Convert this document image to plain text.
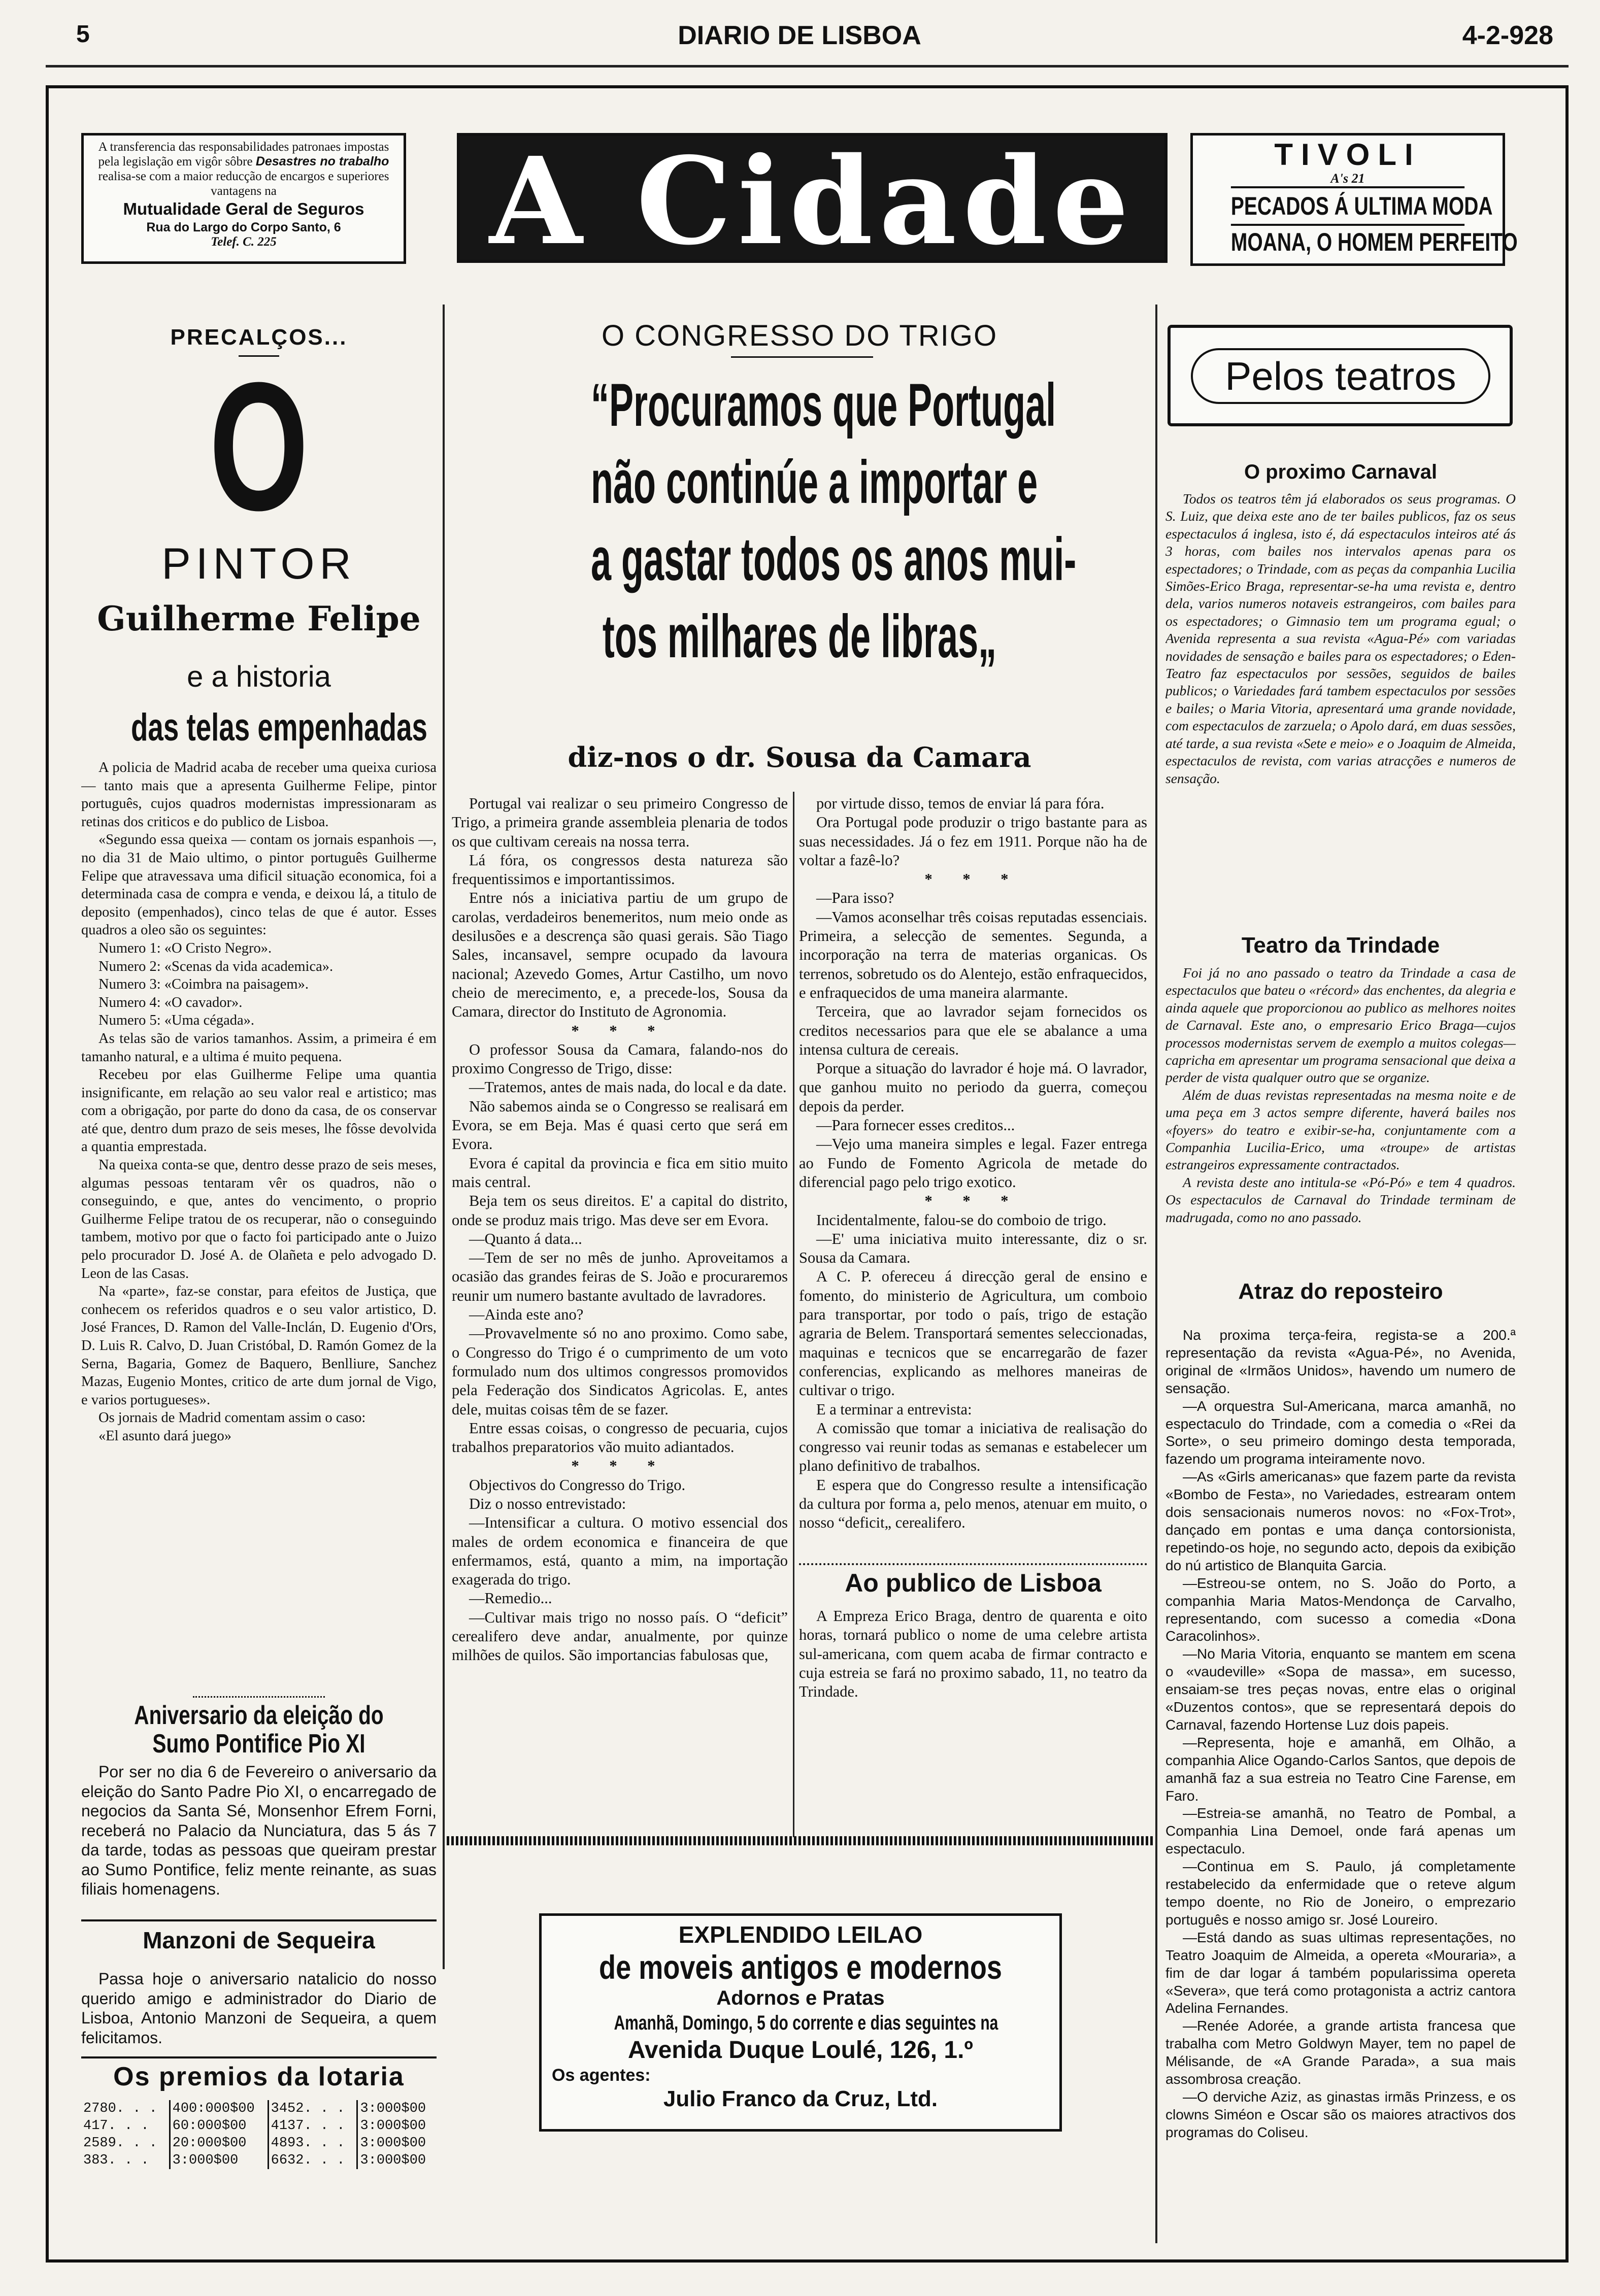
5	DIARIO DE LISBOA	4-2-928
A transferencia das responsabilidades patronaes impostas pela legislação em vigôr sôbre Desastres no trabalho realisa-se com a maior reducção de encargos e superiores vantagens na
Mutualidade Geral de Seguros
Rua do Largo do Corpo Santo, 6
Telef. C. 225	A Cidade	TIVOLI
A's 21
PECADOS Á ULTIMA MODA
MOANA, O HOMEM PERFEITO
PRECALÇOS...
O
PINTOR
Guilherme Felipe
e a historia
das telas empenhadas

A policia de Madrid acaba de receber uma queixa curiosa — tanto mais que a apresenta Guilherme Felipe, pintor português, cujos quadros modernistas impressionaram as retinas dos criticos e do publico de Lisboa.

«Segundo essa queixa — contam os jornais espanhois —, no dia 31 de Maio ultimo, o pintor português Guilherme Felipe que atravessava uma dificil situação economica, foi a determinada casa de compra e venda, e deixou lá, a titulo de deposito (empenhados), cinco telas de que é autor. Esses quadros a oleo são os seguintes:

Numero 1: «O Cristo Negro».

Numero 2: «Scenas da vida academica».

Numero 3: «Coimbra na paisagem».

Numero 4: «O cavador».

Numero 5: «Uma cégada».

As telas são de varios tamanhos. Assim, a primeira é em tamanho natural, e a ultima é muito pequena.

Recebeu por elas Guilherme Felipe uma quantia insignificante, em relação ao seu valor real e artistico; mas com a obrigação, por parte do dono da casa, de os conservar até que, dentro dum prazo de seis meses, lhe fôsse devolvida a quantia emprestada.

Na queixa conta-se que, dentro desse prazo de seis meses, algumas pessoas tentaram vêr os quadros, não o conseguindo, e que, antes do vencimento, o proprio Guilherme Felipe tratou de os recuperar, não o conseguindo tambem, motivo por que o facto foi participado ante o Juizo pelo procurador D. José A. de Olañeta e pelo advogado D. Leon de las Casas.

Na «parte», faz-se constar, para efeitos de Justiça, que conhecem os referidos quadros e o seu valor artistico, D. José Frances, D. Ramon del Valle-Inclán, D. Eugenio d'Ors, D. Luis R. Calvo, D. Juan Cristóbal, D. Ramón Gomez de la Serna, Bagaria, Gomez de Baquero, Benlliure, Sanchez Mazas, Eugenio Montes, critico de arte dum jornal de Vigo, e varios portugueses».

Os jornais de Madrid comentam assim o caso:

«El asunto dará juego»

Aniversario da eleição do Sumo Pontifice Pio XI

Por ser no dia 6 de Fevereiro o aniversario da eleição do Santo Padre Pio XI, o encarregado de negocios da Santa Sé, Monsenhor Efrem Forni, receberá no Palacio da Nunciatura, das 5 ás 7 da tarde, todas as pessoas que queiram prestar ao Sumo Pontifice, feliz mente reinante, as suas filiais homenagens.

Manzoni de Sequeira

Passa hoje o aniversario natalicio do nosso querido amigo e administrador do Diario de Lisboa, Antonio Manzoni de Sequeira, a quem felicitamos.

Os premios da lotaria
2780. . .	400:000$00	3452. . .	3:000$00
417. . .	60:000$00	4137. . .	3:000$00
2589. . .	20:000$00	4893. . .	3:000$00
383. . .	3:000$00	6632. . .	3:000$00
O CONGRESSO DO TRIGO
“Procuramos que Portugal
não continúe a importar e
a gastar todos os anos mui-
tos milhares de libras„
diz-nos o dr. Sousa da Camara

Portugal vai realizar o seu primeiro Congresso de Trigo, a primeira grande assembleia plenaria de todos os que cultivam cereais na nossa terra.

Lá fóra, os congressos desta natureza são frequentissimos e importantissimos.

Entre nós a iniciativa partiu de um grupo de carolas, verdadeiros benemeritos, num meio onde as desilusões e a descrença são quasi gerais. São Tiago Sales, incansavel, sempre ocupado da lavoura nacional; Azevedo Gomes, Artur Castilho, um novo cheio de merecimento, e, a precede-los, Sousa da Camara, director do Instituto de Agronomia.

* * *

O professor Sousa da Camara, falando-nos do proximo Congresso de Trigo, disse:

—Tratemos, antes de mais nada, do local e da date.

Não sabemos ainda se o Congresso se realisará em Evora, se em Beja. Mas é quasi certo que será em Evora.

Evora é capital da provincia e fica em sitio muito mais central.

Beja tem os seus direitos. E' a capital do distrito, onde se produz mais trigo. Mas deve ser em Evora.

—Quanto á data...

—Tem de ser no mês de junho. Aproveitamos a ocasião das grandes feiras de S. João e procuraremos reunir um numero bastante avultado de lavradores.

—Ainda este ano?

—Provavelmente só no ano proximo. Como sabe, o Congresso do Trigo é o cumprimento de um voto formulado num dos ultimos congressos promovidos pela Federação dos Sindicatos Agricolas. E, antes dele, muitas coisas têm de se fazer.

Entre essas coisas, o congresso de pecuaria, cujos trabalhos preparatorios vão muito adiantados.

* * *

Objectivos do Congresso do Trigo.

Diz o nosso entrevistado:

—Intensificar a cultura. O motivo essencial dos males de ordem economica e financeira de que enfermamos, está, quanto a mim, na importação exagerada do trigo.

—Remedio...

—Cultivar mais trigo no nosso país. O “deficit” cerealifero deve andar, anualmente, por quinze milhões de quilos. São importancias fabulosas que,

por virtude disso, temos de enviar lá para fóra.

Ora Portugal pode produzir o trigo bastante para as suas necessidades. Já o fez em 1911. Porque não ha de voltar a fazê-lo?

* * *

—Para isso?

—Vamos aconselhar três coisas reputadas essenciais. Primeira, a selecção de sementes. Segunda, a incorporação na terra de materias organicas. Os terrenos, sobretudo os do Alentejo, estão enfraquecidos, e enfraquecidos de uma maneira alarmante.

Terceira, que ao lavrador sejam fornecidos os creditos necessarios para que ele se abalance a uma intensa cultura de cereais.

Porque a situação do lavrador é hoje má. O lavrador, que ganhou muito no periodo da guerra, começou depois da perder.

—Para fornecer esses creditos...

—Vejo uma maneira simples e legal. Fazer entrega ao Fundo de Fomento Agricola de metade do diferencial pago pelo trigo exotico.

* * *

Incidentalmente, falou-se do comboio de trigo.

—E' uma iniciativa muito interessante, diz o sr. Sousa da Camara.

A C. P. ofereceu á direcção geral de ensino e fomento, do ministerio de Agricultura, um comboio para transportar, por todo o país, trigo de estação agraria de Belem. Transportará sementes seleccionadas, maquinas e tecnicos que se encarregarão de fazer conferencias, explicando as melhores maneiras de cultivar o trigo.

E a terminar a entrevista:

A comissão que tomar a iniciativa de realisação do congresso vai reunir todas as semanas e estabelecer um plano definitivo de trabalhos.

E espera que do Congresso resulte a intensificação da cultura por forma a, pelo menos, atenuar em muito, o nosso “deficit„ cerealifero.

Ao publico de Lisboa

A Empreza Erico Braga, dentro de quarenta e oito horas, tornará publico o nome de uma celebre artista sul-americana, com quem acaba de firmar contracto e cuja estreia se fará no proximo sabado, 11, no teatro da Trindade.

EXPLENDIDO LEILAO
de moveis antigos e modernos
Adornos e Pratas
Amanhã, Domingo, 5 do corrente e dias seguintes na
Avenida Duque Loulé, 126, 1.º
Os agentes:
Julio Franco da Cruz, Ltd.
Pelos teatros
O proximo Carnaval

Todos os teatros têm já elaborados os seus programas. O S. Luiz, que deixa este ano de ter bailes publicos, faz os seus espectaculos á inglesa, isto é, dá espectaculos inteiros até ás 3 horas, com bailes nos intervalos apenas para os espectadores; o Trindade, com as peças da companhia Lucilia Simões-Erico Braga, representar-se-ha uma revista e, dentro dela, varios numeros notaveis estrangeiros, com bailes para os espectadores; o Gimnasio tem um programa egual; o Avenida representa a sua revista «Agua-Pé» com variadas novidades de sensação e bailes para os espectadores; o Eden-Teatro faz espectaculos por sessões, seguidos de bailes publicos; o Variedades fará tambem espectaculos por sessões e bailes; o Maria Vitoria, apresentará uma grande novidade, com espectaculos de zarzuela; o Apolo dará, em duas sessões, até tarde, a sua revista «Sete e meio» e o Joaquim de Almeida, espectaculos de revista, com varias atracções e numeros de sensação.

Teatro da Trindade

Foi já no ano passado o teatro da Trindade a casa de espectaculos que bateu o «récord» das enchentes, da alegria e ainda aquele que proporcionou ao publico as melhores noites de Carnaval. Este ano, o empresario Erico Braga—cujos processos modernistas servem de exemplo a muitos colegas—capricha em apresentar um programa sensacional que deixa a perder de vista qualquer outro que se organize.

Além de duas revistas representadas na mesma noite e de uma peça em 3 actos sempre diferente, haverá bailes nos «foyers» do teatro e exibir-se-ha, conjuntamente com a Companhia Lucilia-Erico, uma «troupe» de artistas estrangeiros expressamente contractados.

A revista deste ano intitula-se «Pó-Pó» e tem 4 quadros. Os espectaculos de Carnaval do Trindade terminam de madrugada, como no ano passado.

Atraz do reposteiro

Na proxima terça-feira, regista-se a 200.ª representação da revista «Agua-Pé», no Avenida, original de «Irmãos Unidos», havendo um numero de sensação.

—A orquestra Sul-Americana, marca amanhã, no espectaculo do Trindade, com a comedia o «Rei da Sorte», o seu primeiro domingo desta temporada, fazendo um programa inteiramente novo.

—As «Girls americanas» que fazem parte da revista «Bombo de Festa», no Variedades, estrearam ontem dois sensacionais numeros novos: no «Fox-Trot», dançado em pontas e uma dança contorsionista, repetindo-os hoje, no segundo acto, depois da exibição do nú artistico de Blanquita Garcia.

—Estreou-se ontem, no S. João do Porto, a companhia Maria Matos-Mendonça de Carvalho, representando, com sucesso a comedia «Dona Caracolinhos».

—No Maria Vitoria, enquanto se mantem em scena o «vaudeville» «Sopa de massa», em sucesso, ensaiam-se tres peças novas, entre elas o original «Duzentos contos», que se representará depois do Carnaval, fazendo Hortense Luz dois papeis.

—Representa, hoje e amanhã, em Olhão, a companhia Alice Ogando-Carlos Santos, que depois de amanhã faz a sua estreia no Teatro Cine Farense, em Faro.

—Estreia-se amanhã, no Teatro de Pombal, a Companhia Lina Demoel, onde fará apenas um espectaculo.

—Continua em S. Paulo, já completamente restabelecido da enfermidade que o reteve algum tempo doente, no Rio de Joneiro, o emprezario português e nosso amigo sr. José Loureiro.

—Está dando as suas ultimas representações, no Teatro Joaquim de Almeida, a opereta «Mouraria», a fim de dar logar á também popularissima opereta «Severa», que terá como protagonista a actriz cantora Adelina Fernandes.

—Renée Adorée, a grande artista francesa que trabalha com Metro Goldwyn Mayer, tem no papel de Mélisande, de «A Grande Parada», a sua mais assombrosa creação.

—O derviche Aziz, as ginastas irmãs Prinzess, e os clowns Siméon e Oscar são os maiores atractivos dos programas do Coliseu.
